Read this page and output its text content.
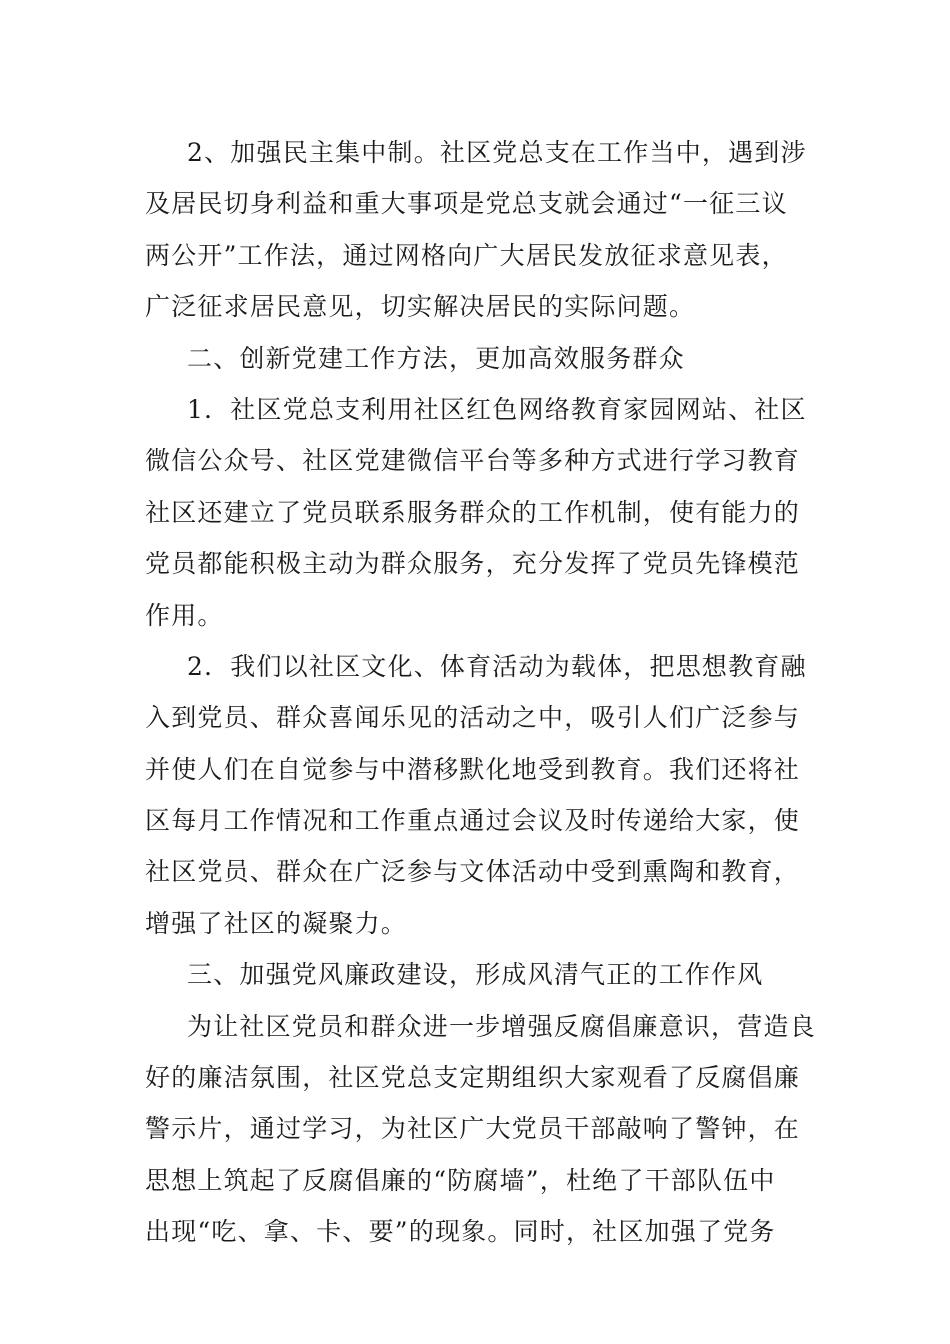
2、加强民主集中制。社区党总支在工作当中，遇到涉
及居民切身利益和重大事项是党总支就会通过“一征三议
两公开”工作法，通过网格向广大居民发放征求意见表，
广泛征求居民意见，切实解决居民的实际问题。
二、创新党建工作方法，更加高效服务群众
1．社区党总支利用社区红色网络教育家园网站、社区
微信公众号、社区党建微信平台等多种方式进行学习教育
社区还建立了党员联系服务群众的工作机制，使有能力的
党员都能积极主动为群众服务，充分发挥了党员先锋模范
作用。
2．我们以社区文化、体育活动为载体，把思想教育融
入到党员、群众喜闻乐见的活动之中，吸引人们广泛参与
并使人们在自觉参与中潜移默化地受到教育。我们还将社
区每月工作情况和工作重点通过会议及时传递给大家，使
社区党员、群众在广泛参与文体活动中受到熏陶和教育，
增强了社区的凝聚力。
三、加强党风廉政建设，形成风清气正的工作作风
为让社区党员和群众进一步增强反腐倡廉意识，营造良
好的廉洁氛围，社区党总支定期组织大家观看了反腐倡廉
警示片，通过学习，为社区广大党员干部敲响了警钟，在
思想上筑起了反腐倡廉的“防腐墙”，杜绝了干部队伍中
出现“吃、拿、卡、要”的现象。同时，社区加强了党务
